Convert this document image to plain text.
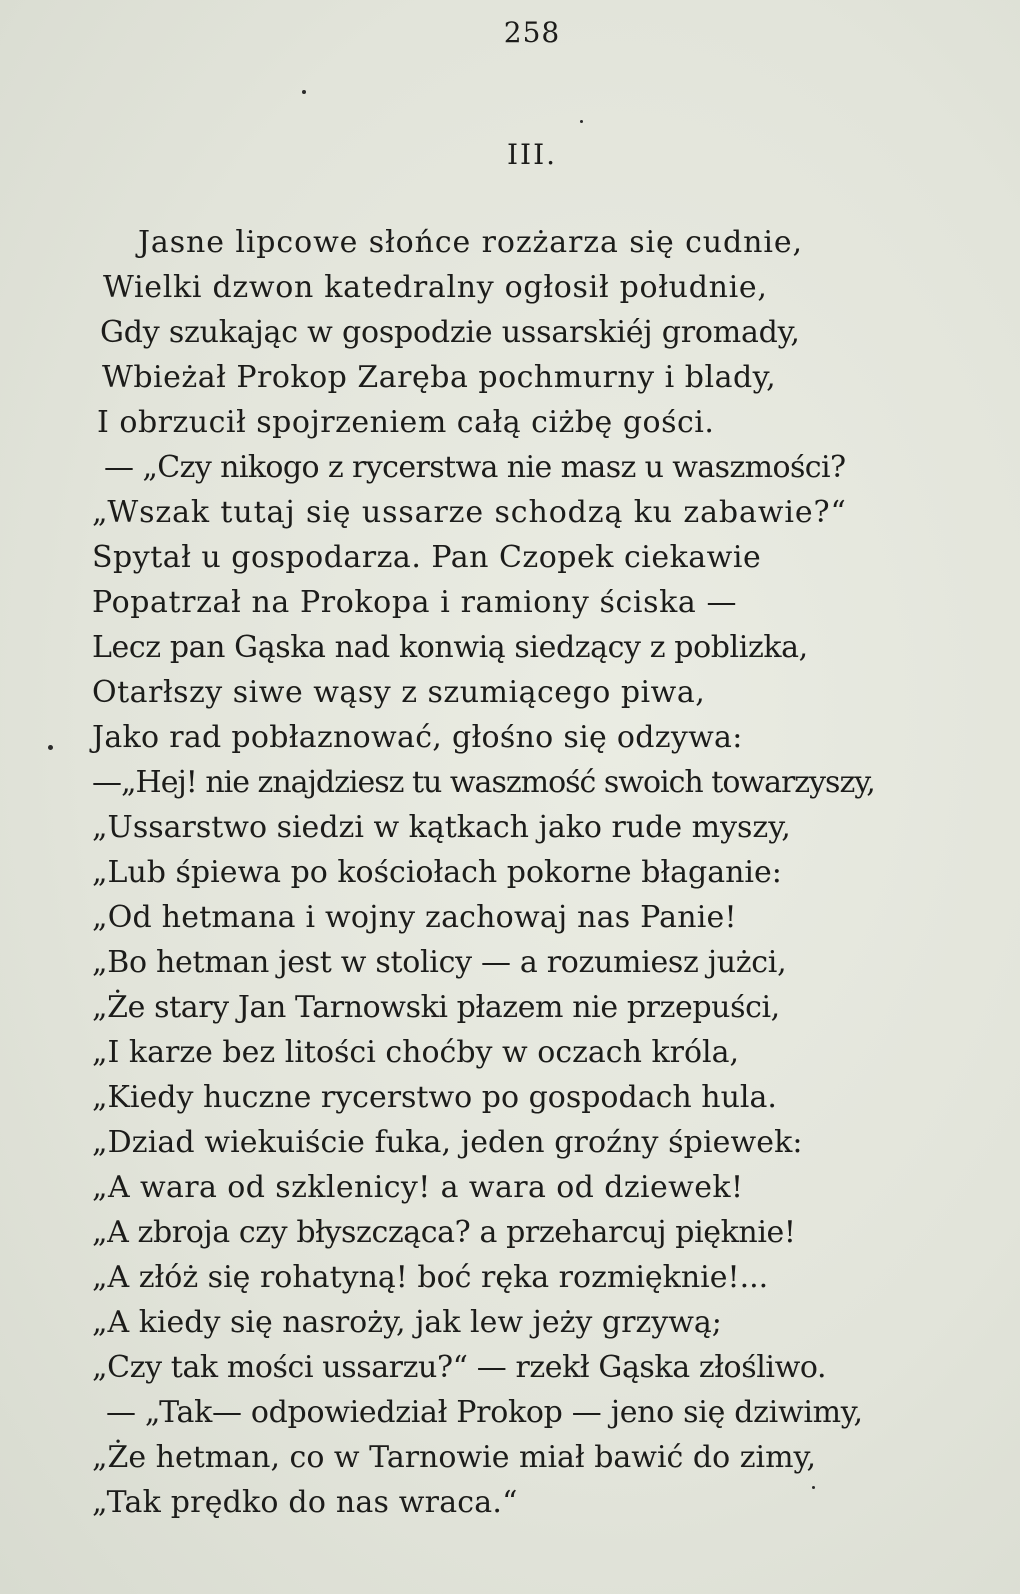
258
III.
Jasne lipcowe słońce rozżarza się cudnie,
Wielki dzwon katedralny ogłosił południe,
Gdy szukając w gospodzie ussarskiéj gromady,
Wbieżał Prokop Zaręba pochmurny i blady,
I obrzucił spojrzeniem całą ciżbę gości.
— „Czy nikogo z rycerstwa nie masz u waszmości?
„Wszak tutaj się ussarze schodzą ku zabawie?“
Spytał u gospodarza. Pan Czopek ciekawie
Popatrzał na Prokopa i ramiony ściska —
Lecz pan Gąska nad konwią siedzący z poblizka,
Otarłszy siwe wąsy z szumiącego piwa,
Jako rad pobłaznować, głośno się odzywa:
—„Hej! nie znajdziesz tu waszmość swoich towarzyszy,
„Ussarstwo siedzi w kątkach jako rude myszy,
„Lub śpiewa po kościołach pokorne błaganie:
„Od hetmana i wojny zachowaj nas Panie!
„Bo hetman jest w stolicy — a rozumiesz jużci,
„Że stary Jan Tarnowski płazem nie przepuści,
„I karze bez litości choćby w oczach króla,
„Kiedy huczne rycerstwo po gospodach hula.
„Dziad wiekuiście fuka, jeden groźny śpiewek:
„A wara od szklenicy! a wara od dziewek!
„A zbroja czy błyszcząca? a przeharcuj pięknie!
„A złóż się rohatyną! boć ręka rozmięknie!...
„A kiedy się nasroży, jak lew jeży grzywą;
„Czy tak mości ussarzu?“ — rzekł Gąska złośliwo.
— „Tak— odpowiedział Prokop — jeno się dziwimy,
„Że hetman, co w Tarnowie miał bawić do zimy,
„Tak prędko do nas wraca.“
